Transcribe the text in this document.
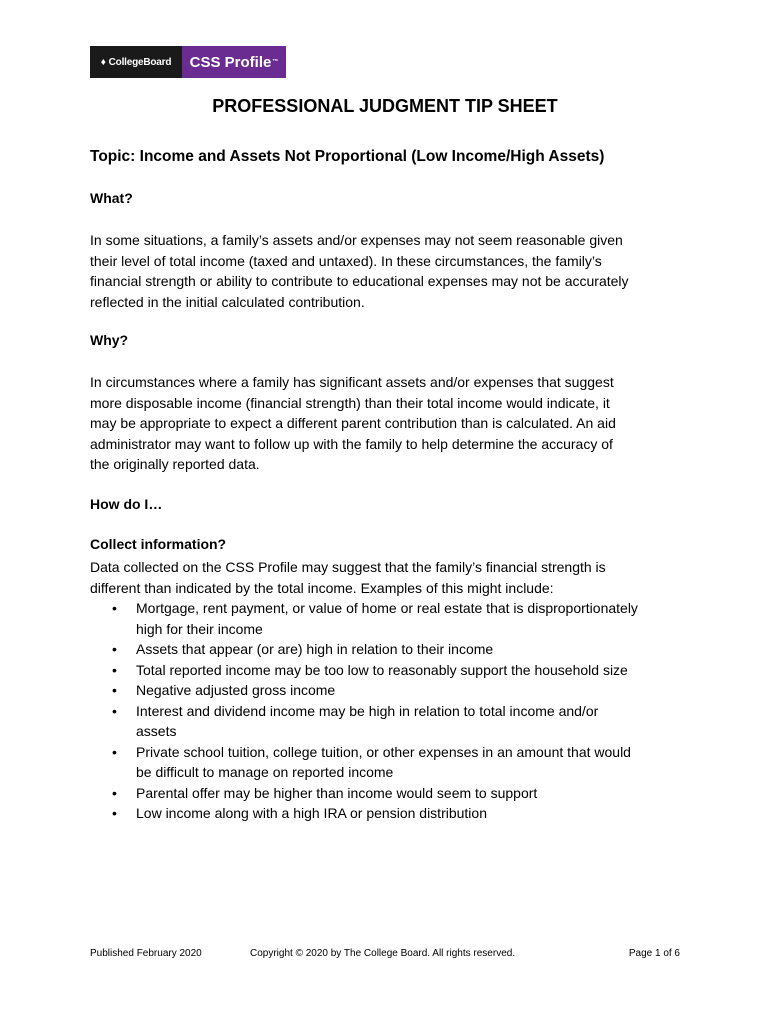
♦ CollegeBoard CSS Profile ™
PROFESSIONAL JUDGMENT TIP SHEET
Topic: Income and Assets Not Proportional (Low Income/High Assets)
What?

In some situations, a family’s assets and/or expenses may not seem reasonable given
their level of total income (taxed and untaxed). In these circumstances, the family’s
financial strength or ability to contribute to educational expenses may not be accurately
reflected in the initial calculated contribution.

Why?

In circumstances where a family has significant assets and/or expenses that suggest
more disposable income (financial strength) than their total income would indicate, it
may be appropriate to expect a different parent contribution than is calculated. An aid
administrator may want to follow up with the family to help determine the accuracy of
the originally reported data.

How do I…
Collect information?

Data collected on the CSS Profile may suggest that the family’s financial strength is
different than indicated by the total income. Examples of this might include:

• Mortgage, rent payment, or value of home or real estate that is disproportionately
high for their income
• Assets that appear (or are) high in relation to their income
• Total reported income may be too low to reasonably support the household size
• Negative adjusted gross income
• Interest and dividend income may be high in relation to total income and/or
assets
• Private school tuition, college tuition, or other expenses in an amount that would
be difficult to manage on reported income
• Parental offer may be higher than income would seem to support
• Low income along with a high IRA or pension distribution
Published February 2020	Copyright © 2020 by The College Board. All rights reserved.	Page 1 of 6
